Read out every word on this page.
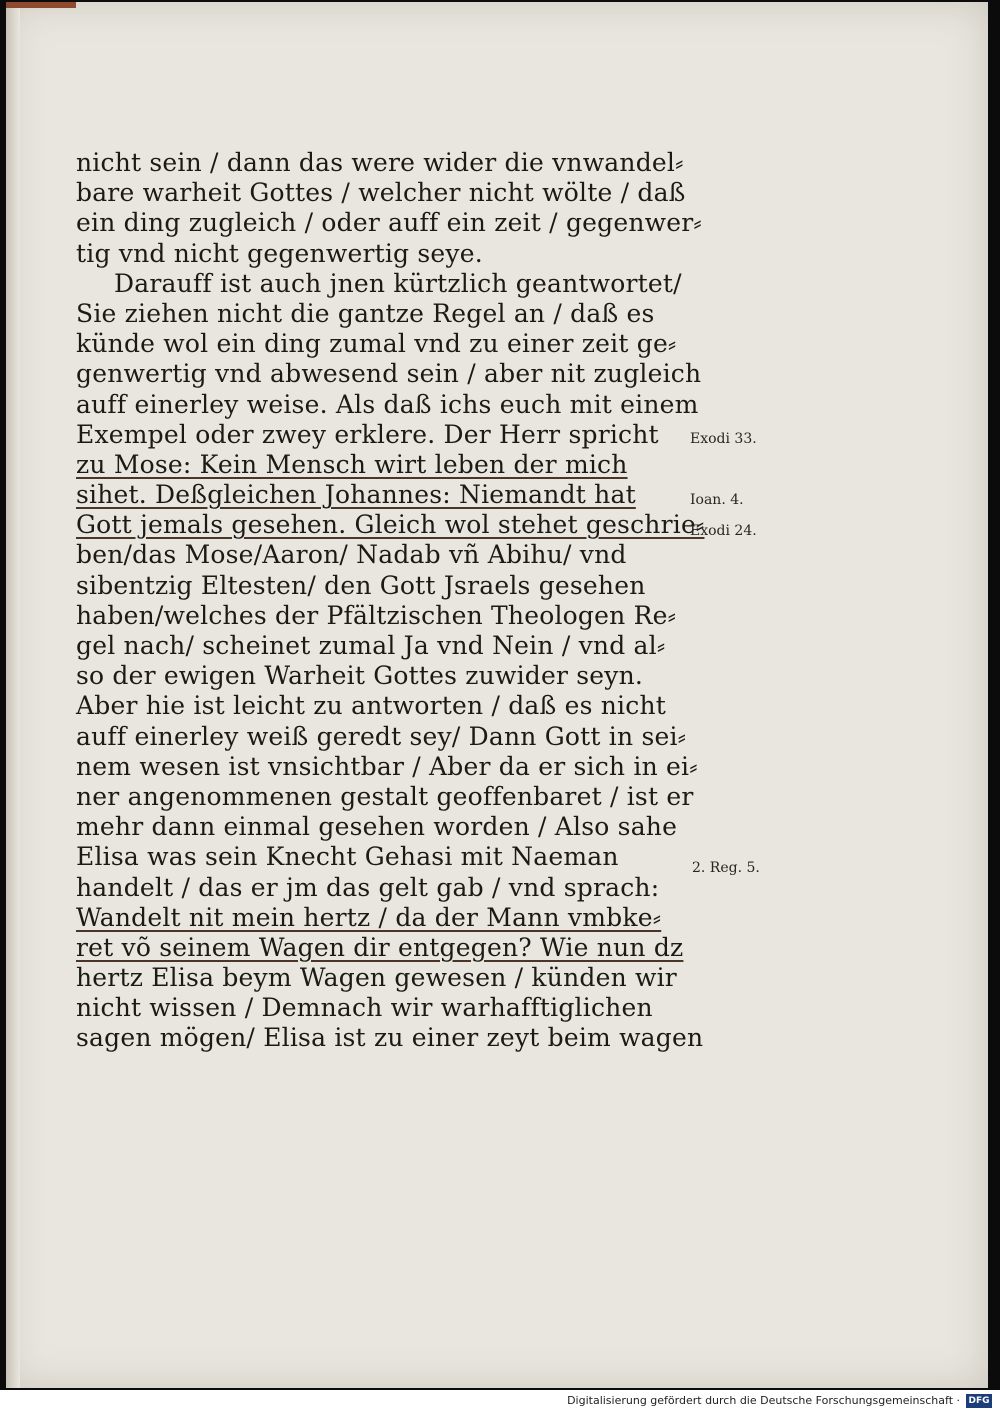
nicht sein / dann das were wider die vnwandel⸗
bare warheit Gottes / welcher nicht wölte / daß
ein ding zugleich / oder auff ein zeit / gegenwer⸗
tig vnd nicht gegenwertig seye.
Darauff ist auch jnen kürtzlich geantwortet/
Sie ziehen nicht die gantze Regel an / daß es
künde wol ein ding zumal vnd zu einer zeit ge⸗
genwertig vnd abwesend sein / aber nit zugleich
auff einerley weise. Als daß ichs euch mit einem
Exempel oder zwey erklere. Der Herr spricht
zu Mose: Kein Mensch wirt leben der mich
sihet. Deßgleichen Johannes: Niemandt hat
Gott jemals gesehen. Gleich wol stehet geschrie⸗
ben/das Mose/Aaron/ Nadab vñ Abihu/ vnd
sibentzig Eltesten/ den Gott Jsraels gesehen
haben/welches der Pfältzischen Theologen Re⸗
gel nach/ scheinet zumal Ja vnd Nein / vnd al⸗
so der ewigen Warheit Gottes zuwider seyn.
Aber hie ist leicht zu antworten / daß es nicht
auff einerley weiß geredt sey/ Dann Gott in sei⸗
nem wesen ist vnsichtbar / Aber da er sich in ei⸗
ner angenommenen gestalt geoffenbaret / ist er
mehr dann einmal gesehen worden / Also sahe
Elisa was sein Knecht Gehasi mit Naeman
handelt / das er jm das gelt gab / vnd sprach:
Wandelt nit mein hertz / da der Mann vmbke⸗
ret võ seinem Wagen dir entgegen? Wie nun dz
hertz Elisa beym Wagen gewesen / künden wir
nicht wissen / Demnach wir warhafftiglichen
sagen mögen/ Elisa ist zu einer zeyt beim wagen
Exodi 33.
Ioan. 4.
Exodi 24.
2. Reg. 5.
Digitalisierung gefördert durch die Deutsche Forschungsgemeinschaft · DFG
